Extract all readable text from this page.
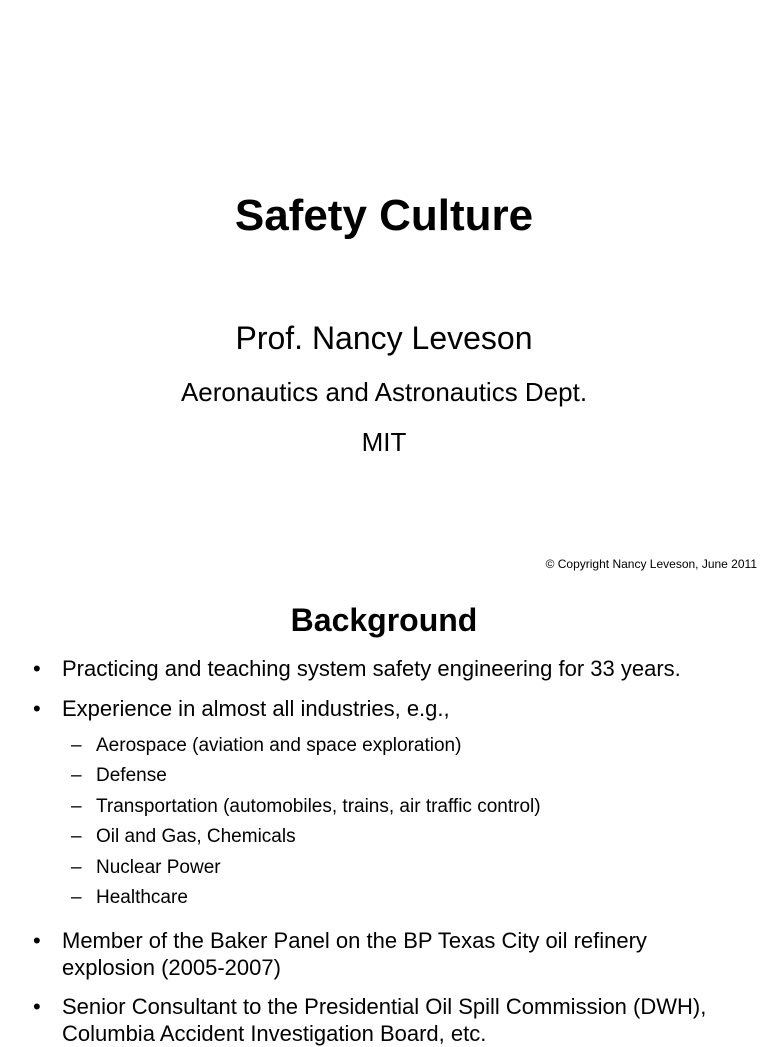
Safety Culture
Prof. Nancy Leveson
Aeronautics and Astronautics Dept.
MIT
© Copyright Nancy Leveson, June 2011
Background
• Practicing and teaching system safety engineering for 33 years.
• Experience in almost all industries, e.g.,
– Aerospace (aviation and space exploration)
– Defense
– Transportation (automobiles, trains, air traffic control)
– Oil and Gas, Chemicals
– Nuclear Power
– Healthcare
• Member of the Baker Panel on the BP Texas City oil refinery explosion (2005-2007)
• Senior Consultant to the Presidential Oil Spill Commission (DWH), Columbia Accident Investigation Board, etc.
